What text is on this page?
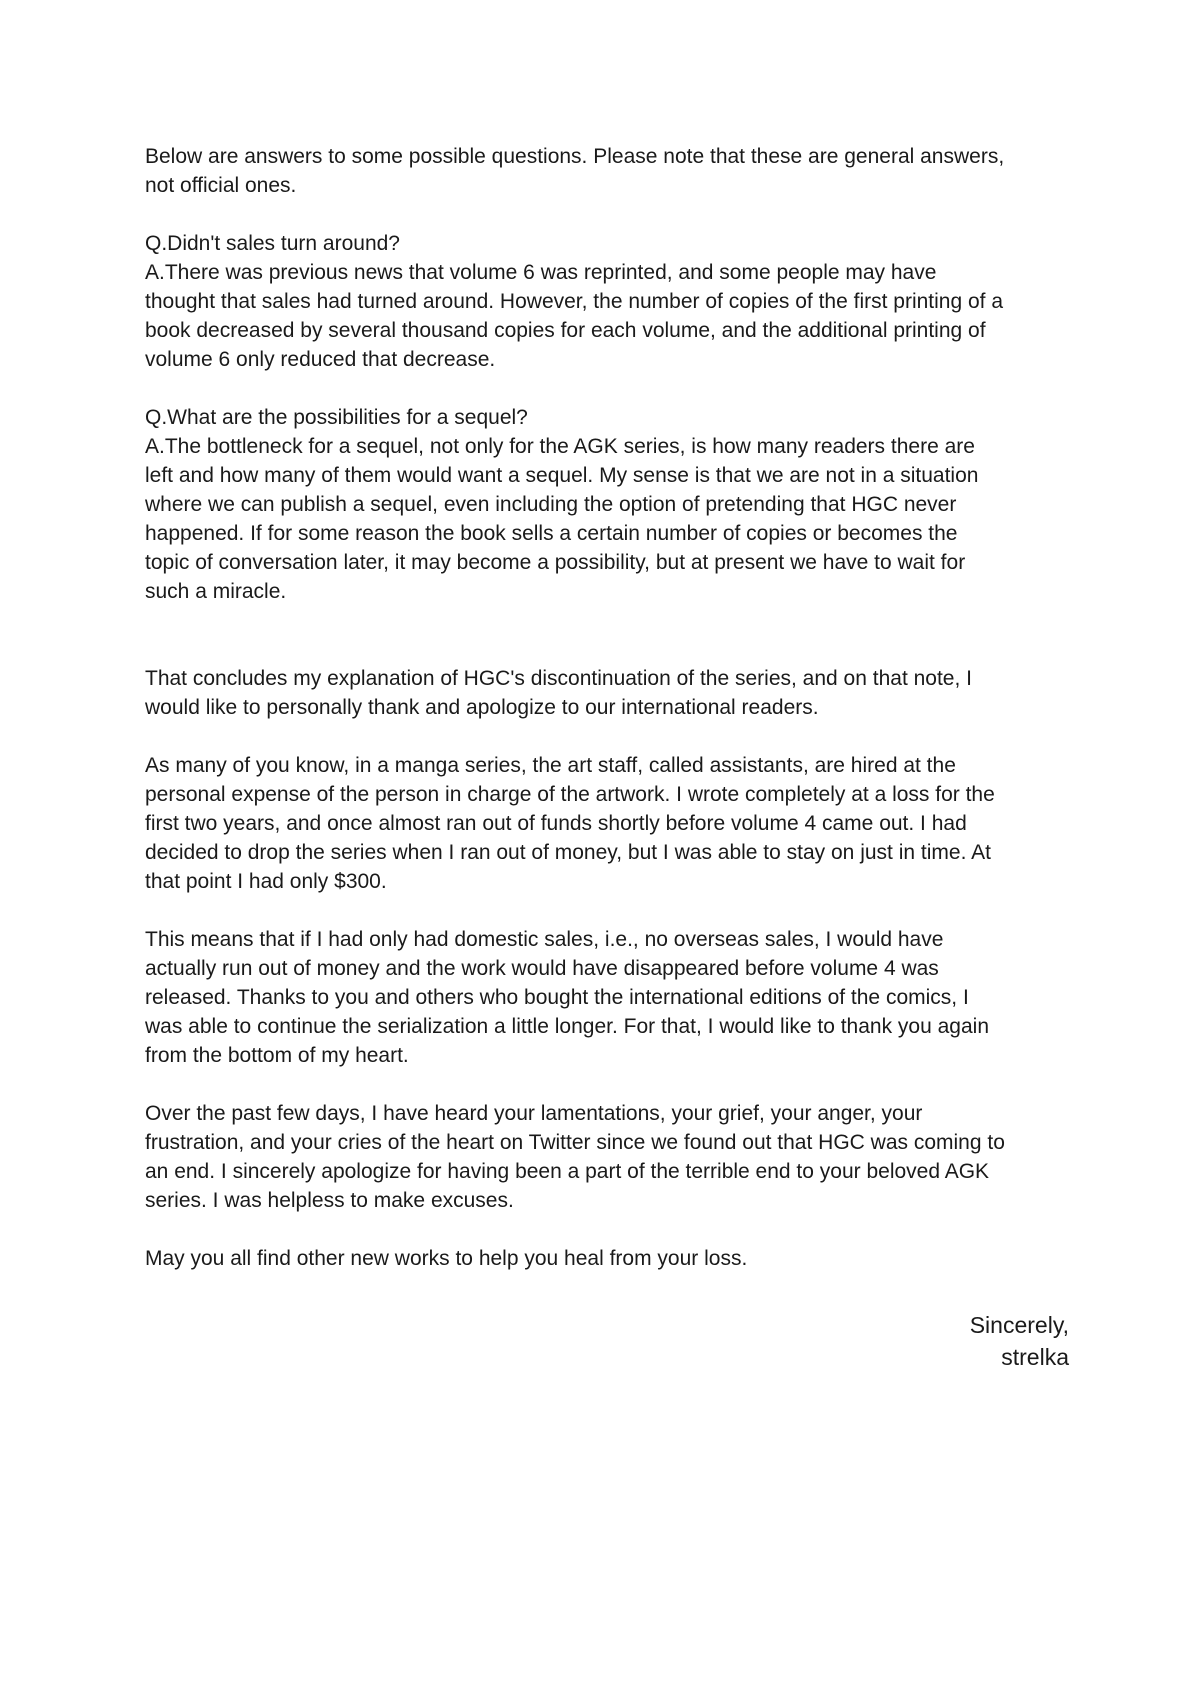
Below are answers to some possible questions. Please note that these are general answers,
not official ones.

Q.Didn't sales turn around?
A.There was previous news that volume 6 was reprinted, and some people may have
thought that sales had turned around. However, the number of copies of the first printing of a
book decreased by several thousand copies for each volume, and the additional printing of
volume 6 only reduced that decrease.

Q.What are the possibilities for a sequel?
A.The bottleneck for a sequel, not only for the AGK series, is how many readers there are
left and how many of them would want a sequel. My sense is that we are not in a situation
where we can publish a sequel, even including the option of pretending that HGC never
happened. If for some reason the book sells a certain number of copies or becomes the
topic of conversation later, it may become a possibility, but at present we have to wait for
such a miracle.

That concludes my explanation of HGC's discontinuation of the series, and on that note, I
would like to personally thank and apologize to our international readers.

As many of you know, in a manga series, the art staff, called assistants, are hired at the
personal expense of the person in charge of the artwork. I wrote completely at a loss for the
first two years, and once almost ran out of funds shortly before volume 4 came out. I had
decided to drop the series when I ran out of money, but I was able to stay on just in time. At
that point I had only $300.

This means that if I had only had domestic sales, i.e., no overseas sales, I would have
actually run out of money and the work would have disappeared before volume 4 was
released. Thanks to you and others who bought the international editions of the comics, I
was able to continue the serialization a little longer. For that, I would like to thank you again
from the bottom of my heart.

Over the past few days, I have heard your lamentations, your grief, your anger, your
frustration, and your cries of the heart on Twitter since we found out that HGC was coming to
an end. I sincerely apologize for having been a part of the terrible end to your beloved AGK
series. I was helpless to make excuses.

May you all find other new works to help you heal from your loss.

Sincerely,
strelka
